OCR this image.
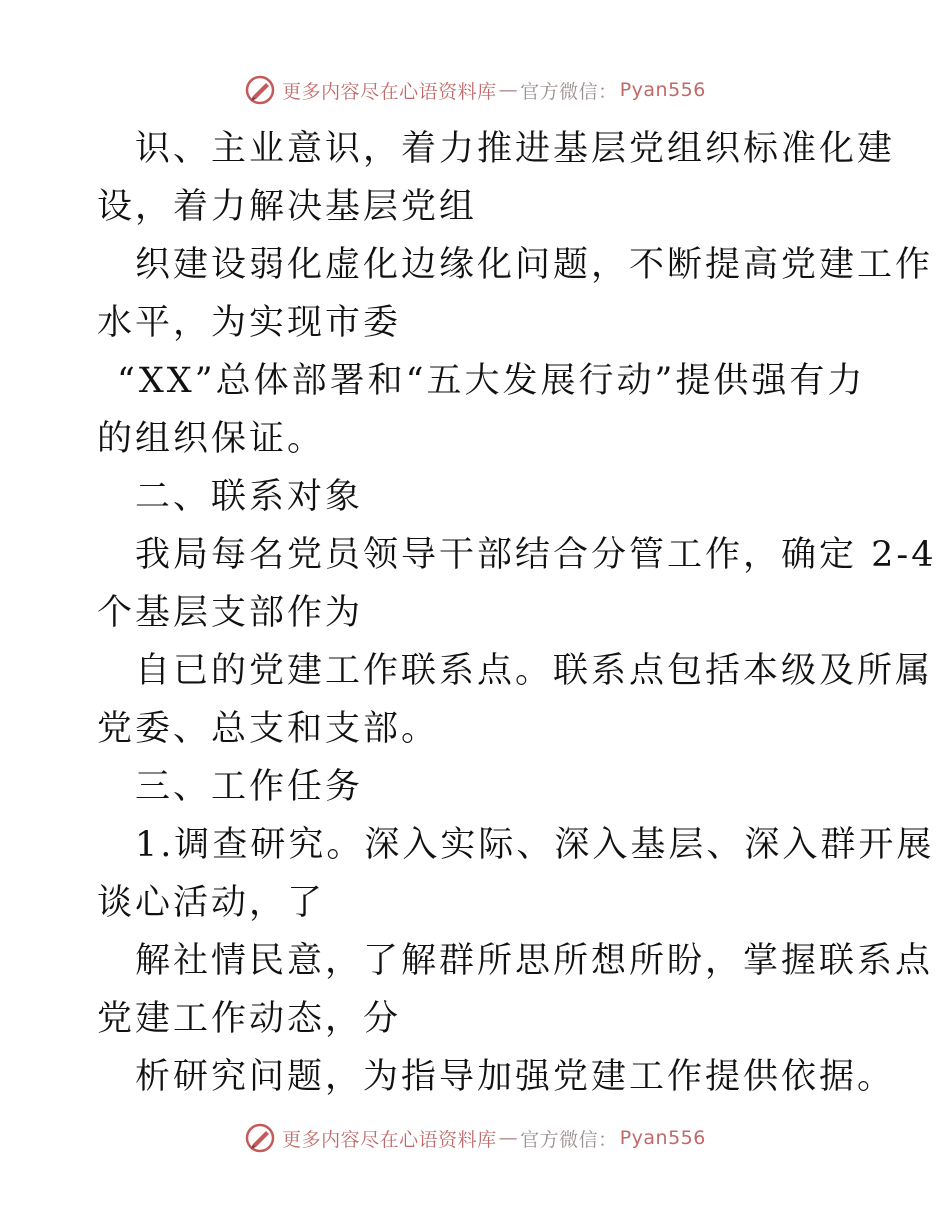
更多内容尽在心语资料库 — 官方微信： Pyan556
识、主业意识，着力推进基层党组织标准化建
设，着力解决基层党组
织建设弱化虚化边缘化问题，不断提高党建工作
水平，为实现市委
“XX”总体部署和“五大发展行动”提供强有力
的组织保证。
二、联系对象
我局每名党员领导干部结合分管工作，确定 2-4
个基层支部作为
自已的党建工作联系点。联系点包括本级及所属
党委、总支和支部。
三、工作任务
1.调查研究。深入实际、深入基层、深入群开展
谈心活动，了
解社情民意，了解群所思所想所盼，掌握联系点
党建工作动态，分
析研究问题，为指导加强党建工作提供依据。
更多内容尽在心语资料库 — 官方微信： Pyan556
